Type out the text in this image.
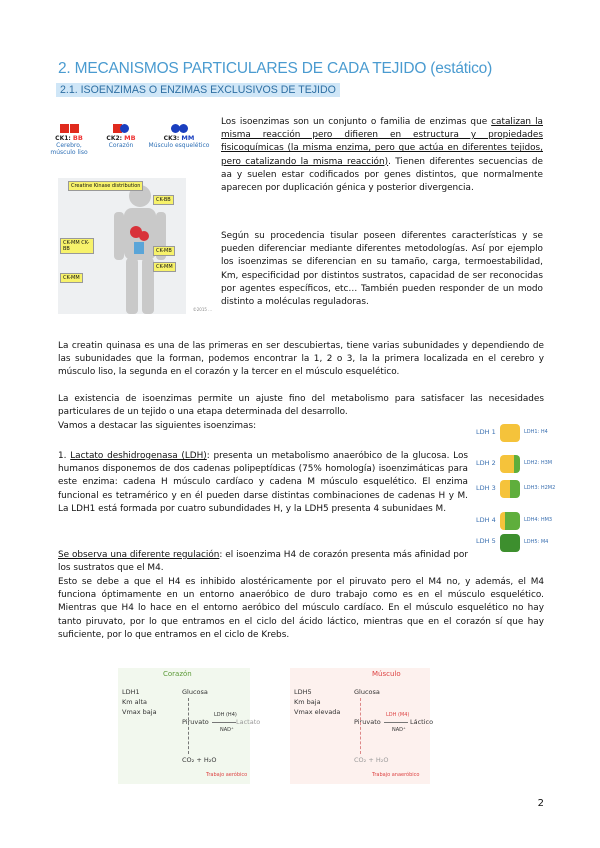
2. MECANISMOS PARTICULARES DE CADA TEJIDO (estático)
2.1. ISOENZIMAS O ENZIMAS EXCLUSIVOS DE TEJIDO
CK1: BB
Cerebro,
músculo liso
CK2: MB
Corazón
CK3: MM
Músculo esquelético
Creatine Kinase distribution
CK-BB
CK-MM CK-BB	CK-MB
CK-MM
CK-MM
©2015 ...
Los isoenzimas son un conjunto o familia de enzimas que catalizan la misma reacción pero difieren en estructura y propiedades fisicoquímicas (la misma enzima, pero que actúa en diferentes tejidos, pero catalizando la misma reacción). Tienen diferentes secuencias de aa y suelen estar codificados por genes distintos, que normalmente aparecen por duplicación génica y posterior divergencia.
Según su procedencia tisular poseen diferentes características y se pueden diferenciar mediante diferentes metodologías. Así por ejemplo los isoenzimas se diferencian en su tamaño, carga, termoestabilidad, Km, especificidad por distintos sustratos, capacidad de ser reconocidas por agentes específicos, etc… También pueden responder de un modo distinto a moléculas reguladoras.
La creatin quinasa es una de las primeras en ser descubiertas, tiene varias subunidades y dependiendo de las subunidades que la forman, podemos encontrar la 1, 2 o 3, la la primera localizada en el cerebro y músculo liso, la segunda en el corazón y la tercer en el músculo esquelético.
La existencia de isoenzimas permite un ajuste fino del metabolismo para satisfacer las necesidades particulares de un tejido o una etapa determinada del desarrollo.
Vamos a destacar las siguientes isoenzimas:
1. Lactato deshidrogenasa (LDH): presenta un metabolismo anaeróbico de la glucosa. Los humanos disponemos de dos cadenas polipeptídicas (75% homología) isoenzimáticas para este enzima: cadena H músculo cardíaco y cadena M músculo esquelético. El enzima funcional es tetramérico y en él pueden darse distintas combinaciones de cadenas H y M. La LDH1 está formada por cuatro subundidades H, y la LDH5 presenta 4 subunidaes M.
LDH 1	LDH1: H4
LDH 2	LDH2: H3M
LDH 3	LDH3: H2M2
LDH 4	LDH4: HM3
LDH 5	LDH5: M4
Se observa una diferente regulación: el isoenzima H4 de corazón presenta más afinidad por los sustratos que el M4.
Esto se debe a que el H4 es inhibido alostéricamente por el piruvato pero el M4 no, y además, el M4 funciona óptimamente en un entorno anaeróbico de duro trabajo como es en el músculo esquelético. Mientras que H4 lo hace en el entorno aeróbico del músculo cardíaco. En el músculo esquelético no hay tanto piruvato, por lo que entramos en el ciclo del ácido láctico, mientras que en el corazón sí que hay suficiente, por lo que entramos en el ciclo de Krebs.
Corazón
LDH1
Km alta
Vmax baja
Glucosa
Piruvato
LDH (H4)
Lactato
NAD⁺
CO₂ + H₂O
Trabajo aeróbico
Músculo
LDH5
Km baja
Vmax elevada
Glucosa
Piruvato
LDH (M4)
Láctico
NAD⁺
CO₂ + H₂O
Trabajo anaeróbico
2
